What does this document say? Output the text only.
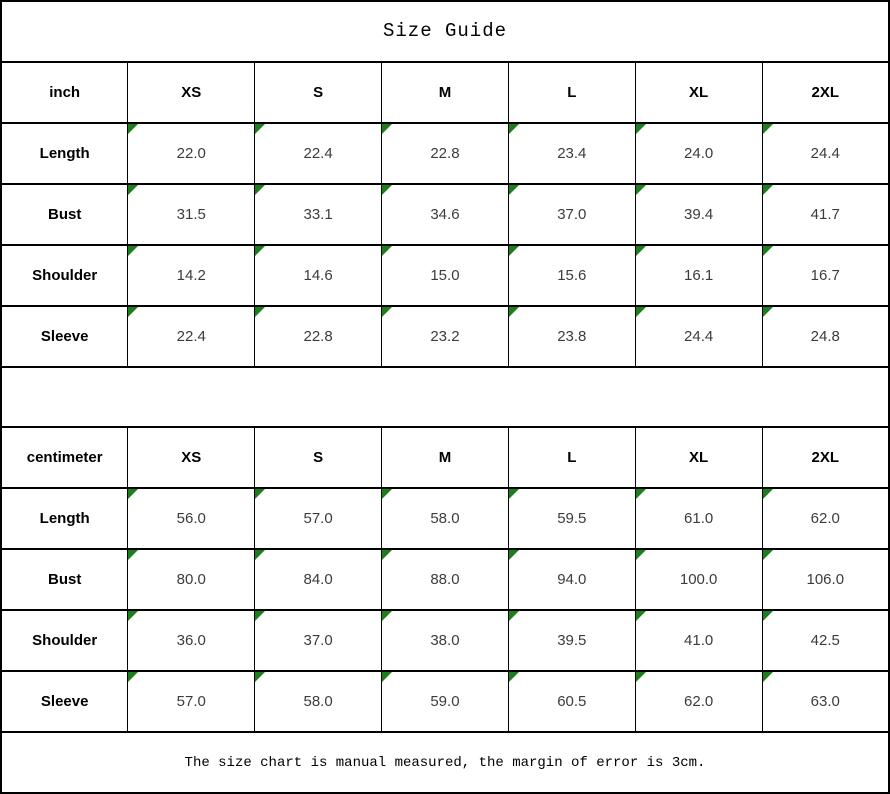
Size Guide						
inch	XS	S	M	L	XL	2XL
Length	22.0	22.4	22.8	23.4	24.0	24.4
Bust	31.5	33.1	34.6	37.0	39.4	41.7
Shoulder	14.2	14.6	15.0	15.6	16.1	16.7
Sleeve	22.4	22.8	23.2	23.8	24.4	24.8

centimeter	XS	S	M	L	XL	2XL
Length	56.0	57.0	58.0	59.5	61.0	62.0
Bust	80.0	84.0	88.0	94.0	100.0	106.0
Shoulder	36.0	37.0	38.0	39.5	41.0	42.5
Sleeve	57.0	58.0	59.0	60.5	62.0	63.0
The size chart is manual measured, the margin of error is 3cm.						
